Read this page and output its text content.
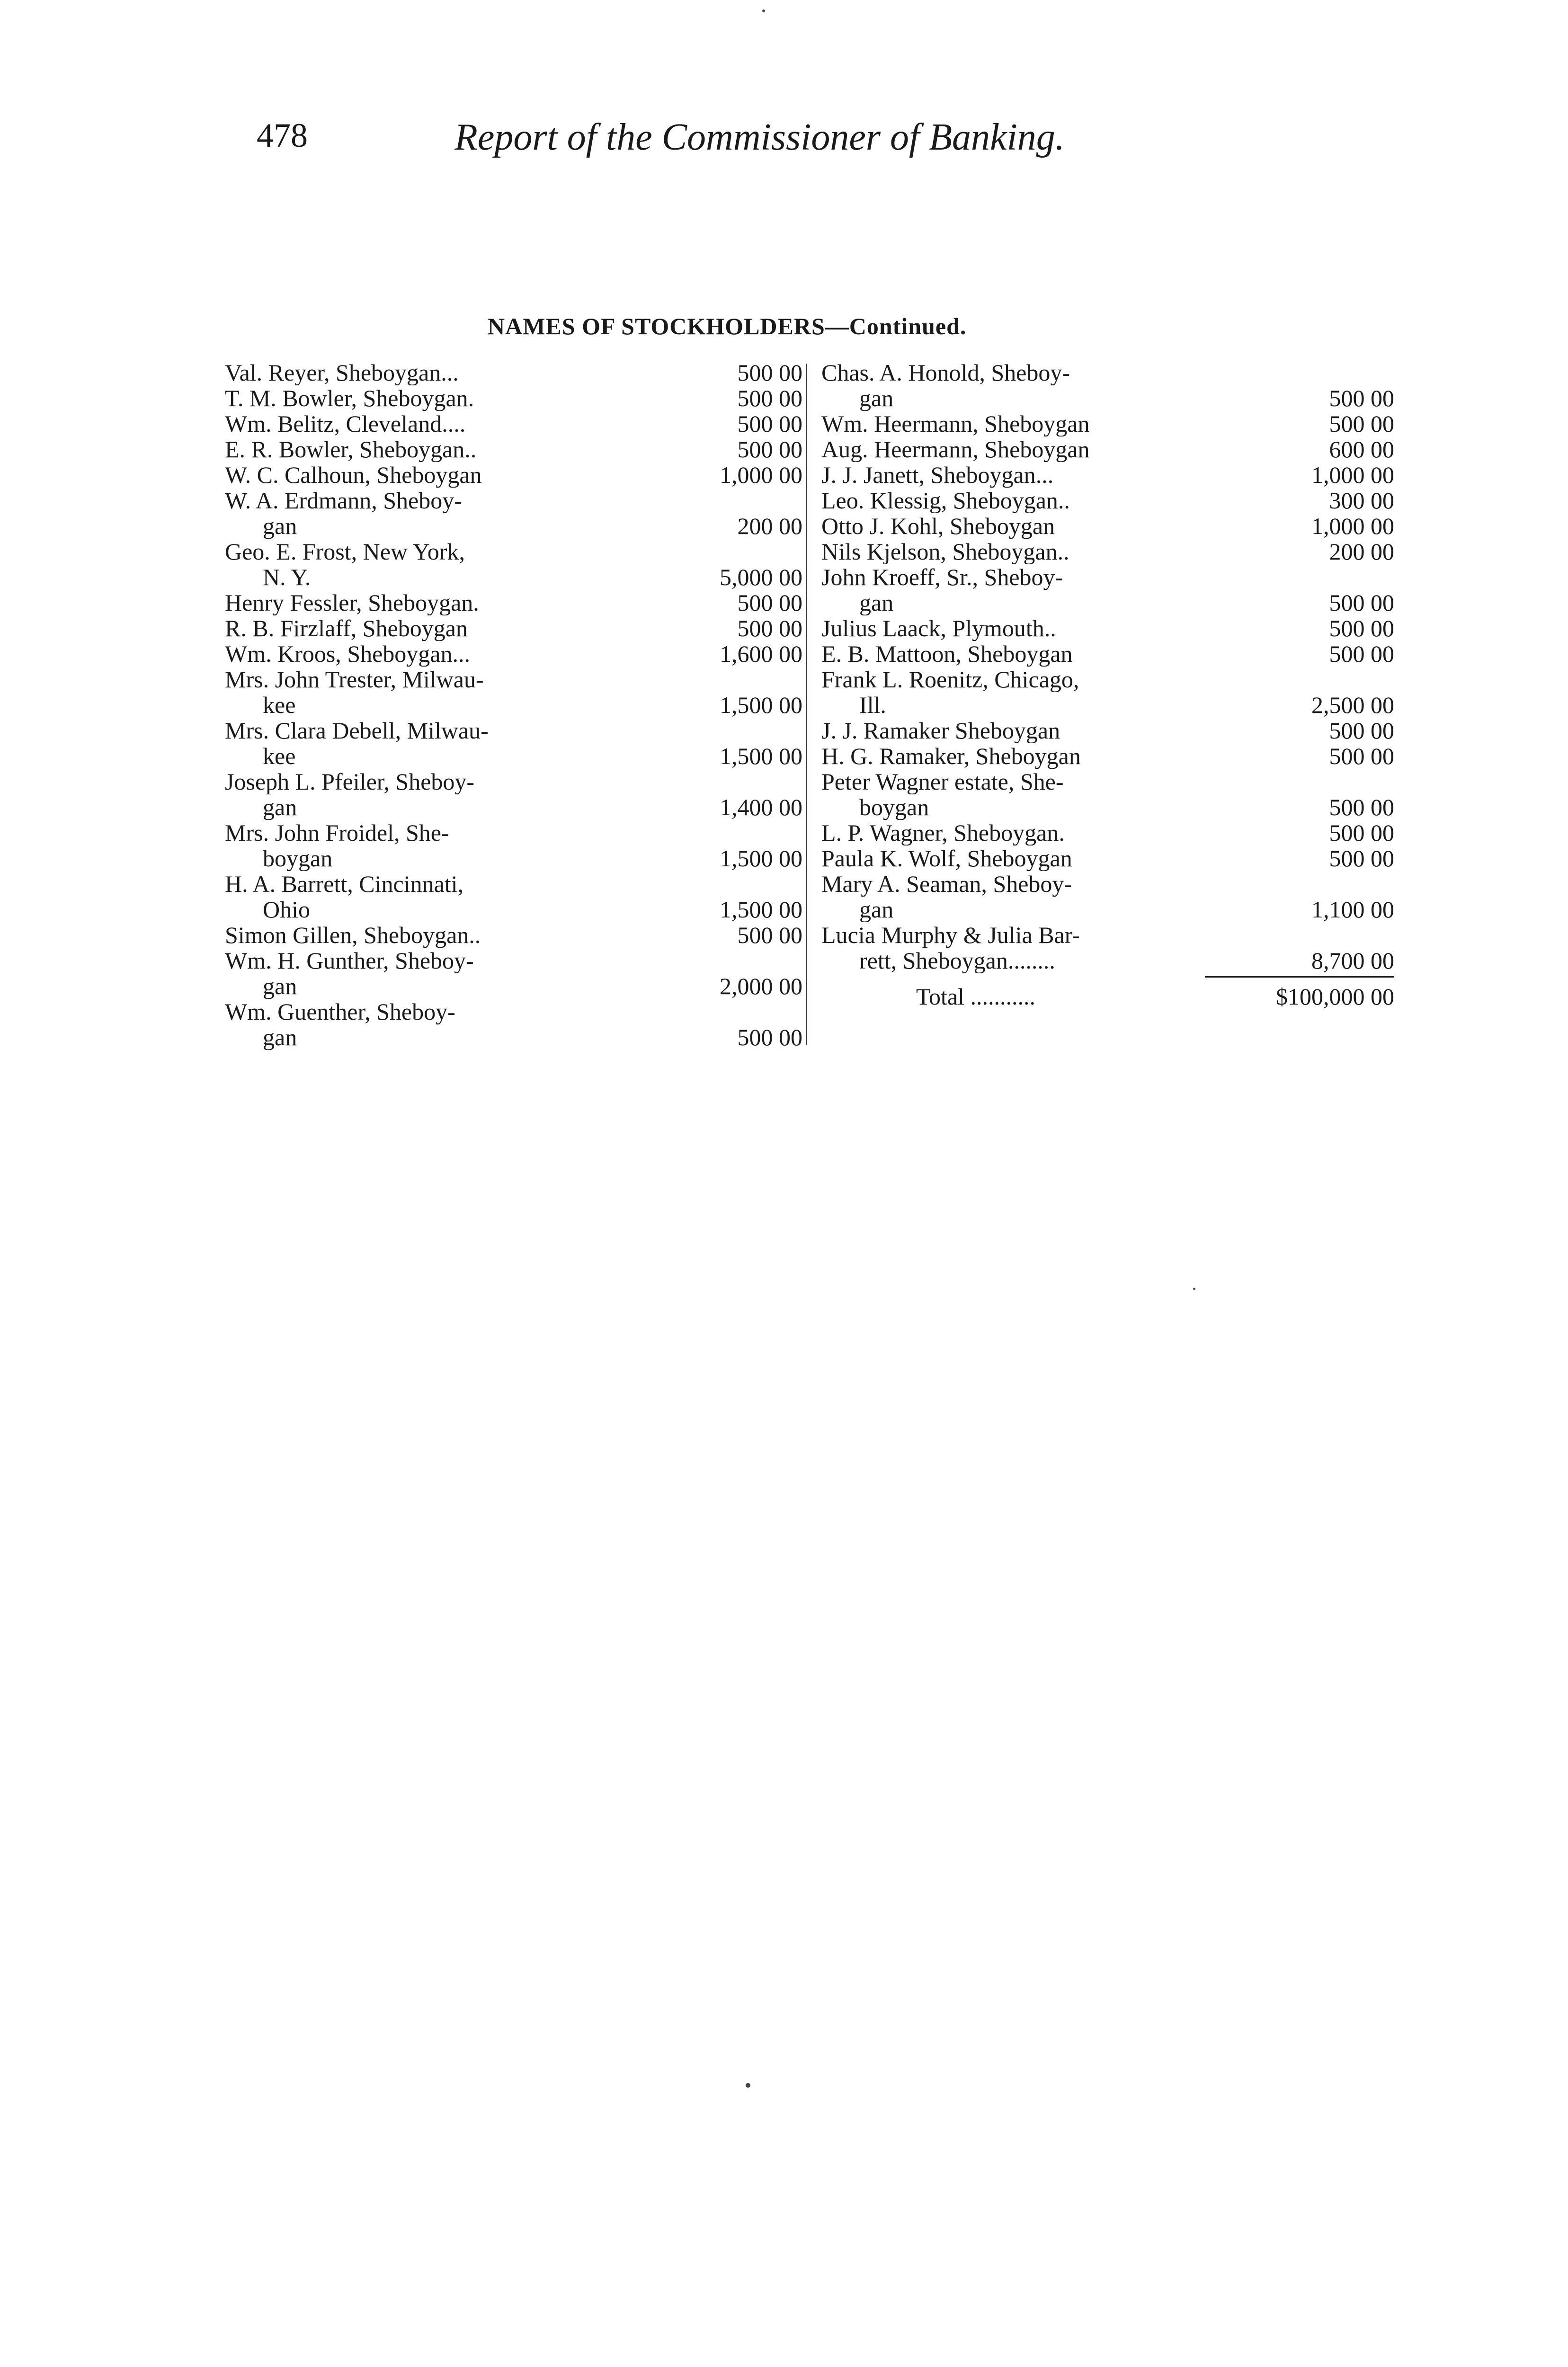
478	Report of the Commissioner of Banking.
NAMES OF STOCKHOLDERS—Continued.
Val. Reyer, Sheboygan...	500 00
T. M. Bowler, Sheboygan.	500 00
Wm. Belitz, Cleveland....	500 00
E. R. Bowler, Sheboygan..	500 00
W. C. Calhoun, Sheboygan	1,000 00
W. A. Erdmann, Sheboy-
gan	200 00
Geo. E. Frost, New York,
N. Y.	5,000 00
Henry Fessler, Sheboygan.	500 00
R. B. Firzlaff, Sheboygan	500 00
Wm. Kroos, Sheboygan...	1,600 00
Mrs. John Trester, Milwau-
kee	1,500 00
Mrs. Clara Debell, Milwau-
kee	1,500 00
Joseph L. Pfeiler, Sheboy-
gan	1,400 00
Mrs. John Froidel, She-
boygan	1,500 00
H. A. Barrett, Cincinnati,
Ohio	1,500 00
Simon Gillen, Sheboygan..	500 00
Wm. H. Gunther, Sheboy-
gan	2,000 00
Wm. Guenther, Sheboy-
gan	500 00
Chas. A. Honold, Sheboy-
gan	500 00
Wm. Heermann, Sheboygan	500 00
Aug. Heermann, Sheboygan	600 00
J. J. Janett, Sheboygan...	1,000 00
Leo. Klessig, Sheboygan..	300 00
Otto J. Kohl, Sheboygan	1,000 00
Nils Kjelson, Sheboygan..	200 00
John Kroeff, Sr., Sheboy-
gan	500 00
Julius Laack, Plymouth..	500 00
E. B. Mattoon, Sheboygan	500 00
Frank L. Roenitz, Chicago,
Ill.	2,500 00
J. J. Ramaker Sheboygan	500 00
H. G. Ramaker, Sheboygan	500 00
Peter Wagner estate, She-
boygan	500 00
L. P. Wagner, Sheboygan.	500 00
Paula K. Wolf, Sheboygan	500 00
Mary A. Seaman, Sheboy-
gan	1,100 00
Lucia Murphy & Julia Bar-
rett, Sheboygan........	8,700 00
Total ...........	$100,000 00
